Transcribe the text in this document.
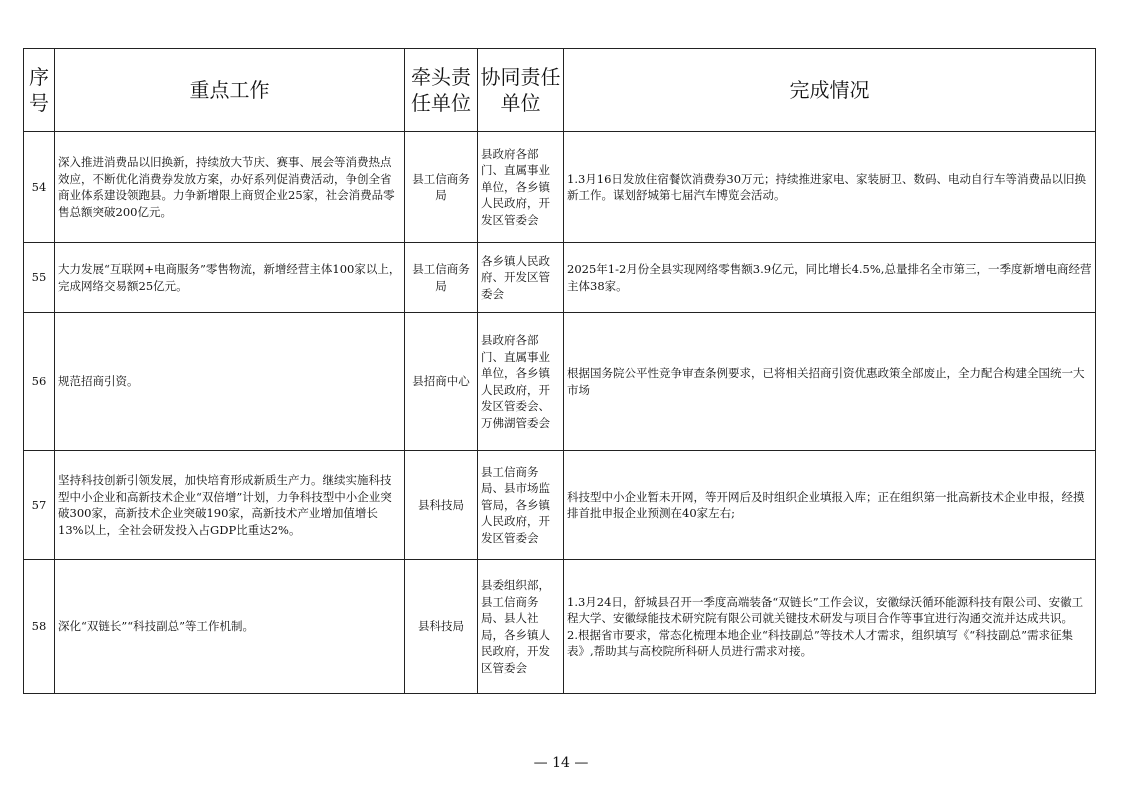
序号	重点工作	牵头责任单位	协同责任单位	完成情况
54	深入推进消费品以旧换新，持续放大节庆、赛事、展会等消费热点效应，不断优化消费券发放方案，办好系列促消费活动，争创全省商业体系建设领跑县。力争新增限上商贸企业25家，社会消费品零售总额突破200亿元。	县工信商务局	县政府各部门、直属事业单位，各乡镇人民政府，开发区管委会	1.3月16日发放住宿餐饮消费券30万元；持续推进家电、家装厨卫、数码、电动自行车等消费品以旧换新工作。谋划舒城第七届汽车博览会活动。

55	大力发展“互联网+电商服务”零售物流，新增经营主体100家以上，完成网络交易额25亿元。	县工信商务局	各乡镇人民政府、开发区管委会	2025年1-2月份全县实现网络零售额3.9亿元，同比增长4.5%,总量排名全市第三，一季度新增电商经营主体38家。

56	规范招商引资。	县招商中心	县政府各部门、直属事业单位，各乡镇人民政府，开发区管委会、万佛湖管委会	根据国务院公平性竞争审查条例要求，已将相关招商引资优惠政策全部废止，全力配合构建全国统一大市场

57	坚持科技创新引领发展，加快培育形成新质生产力。继续实施科技型中小企业和高新技术企业“双倍增”计划，力争科技型中小企业突破300家，高新技术企业突破190家，高新技术产业增加值增长13%以上，全社会研发投入占GDP比重达2%。	县科技局	县工信商务局、县市场监管局，各乡镇人民政府，开发区管委会	科技型中小企业暂未开网，等开网后及时组织企业填报入库；正在组织第一批高新技术企业申报，经摸排首批申报企业预测在40家左右;

58	深化“双链长”“科技副总”等工作机制。	县科技局	县委组织部，县工信商务局、县人社局，各乡镇人民政府，开发区管委会	1.3月24日，舒城县召开一季度高端装备“双链长”工作会议，安徽绿沃循环能源科技有限公司、安徽工程大学、安徽绿能技术研究院有限公司就关键技术研发与项目合作等事宜进行沟通交流并达成共识。
2.根据省市要求，常态化梳理本地企业“科技副总”等技术人才需求，组织填写《“科技副总”需求征集表》,帮助其与高校院所科研人员进行需求对接。
— 14 —
